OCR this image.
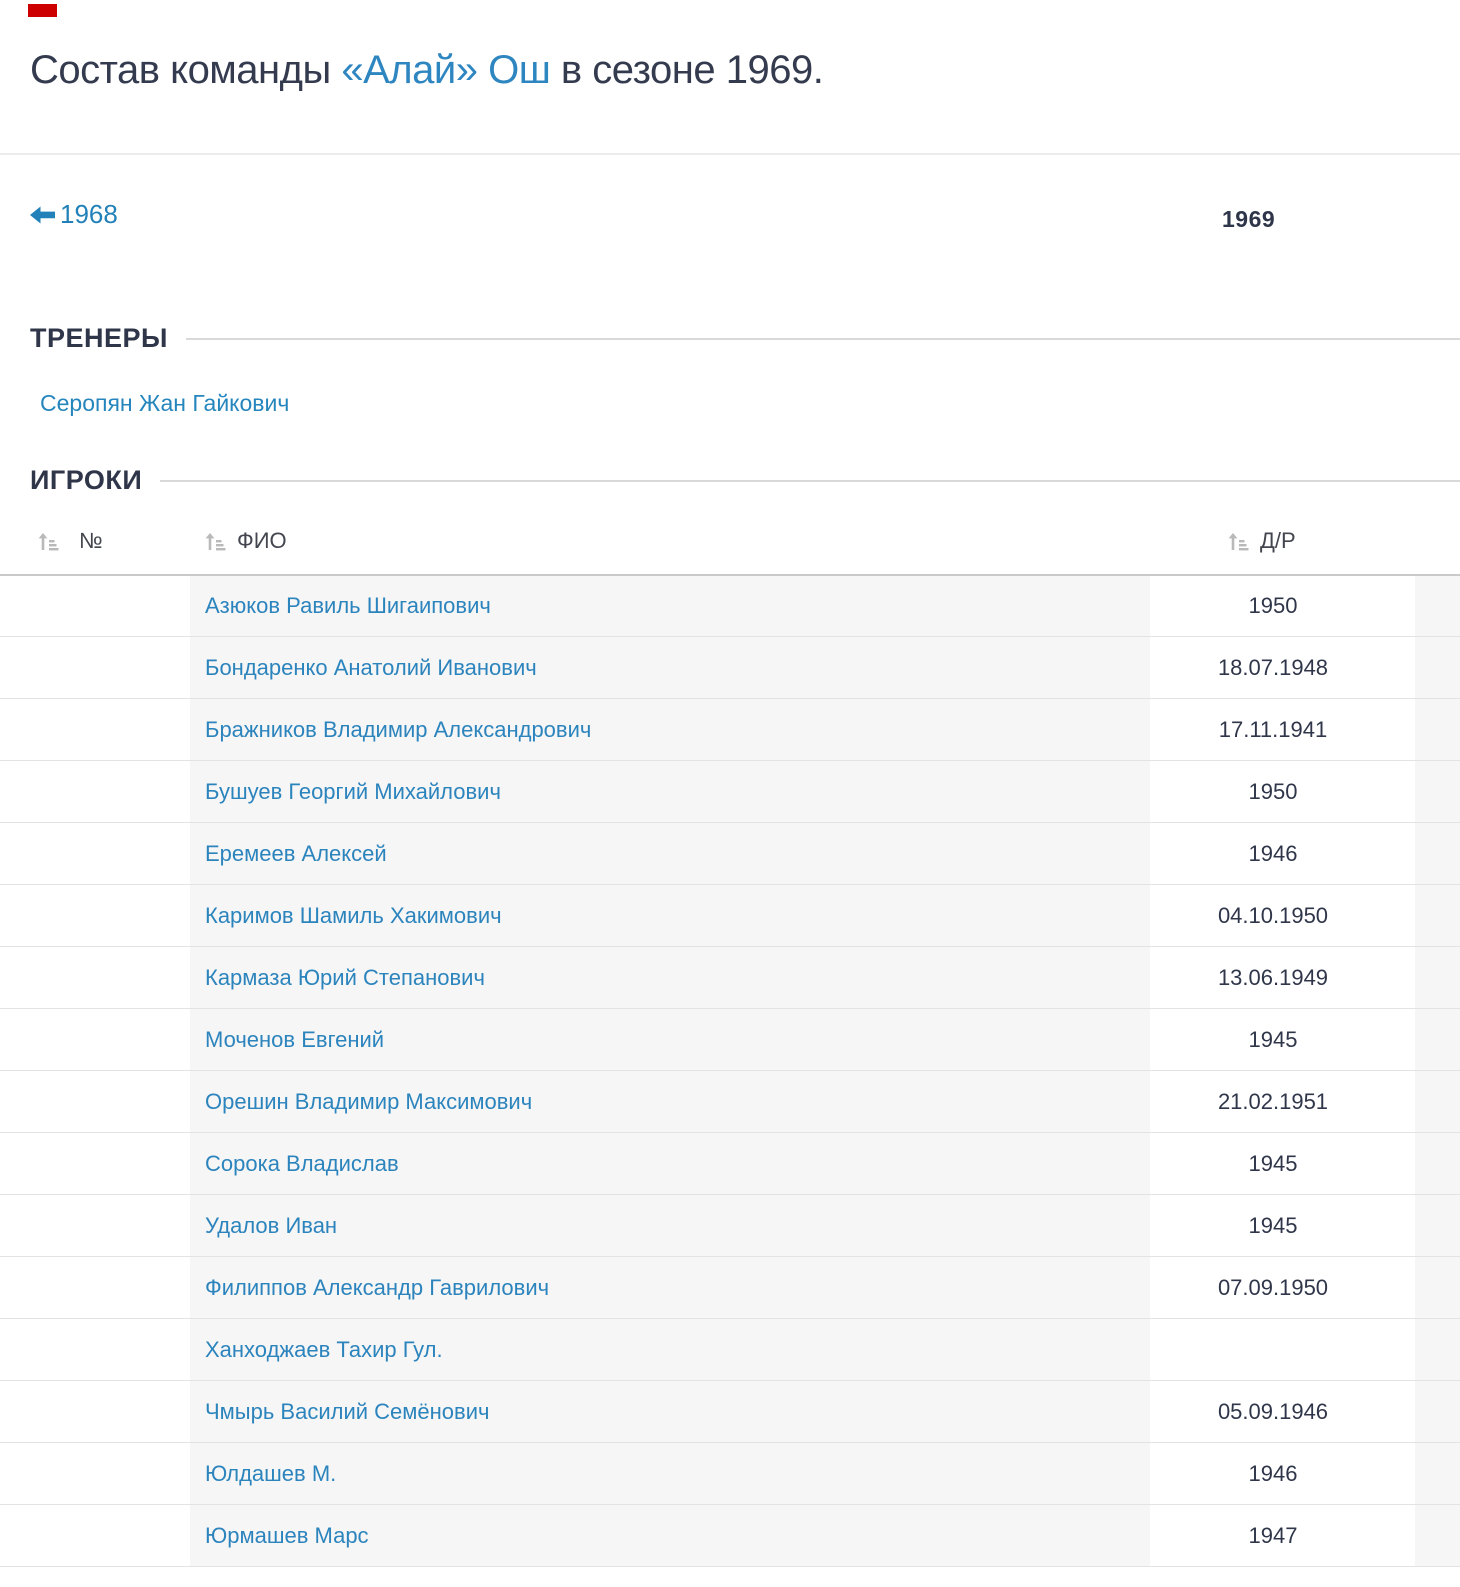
Состав команды «Алай» Ош в сезоне 1969.
1968	1969
ТРЕНЕРЫ
Серопян Жан Гайкович
ИГРОКИ
№	ФИО	Д/Р	

	Азюков Равиль Шигаипович	1950	
	Бондаренко Анатолий Иванович	18.07.1948	
	Бражников Владимир Александрович	17.11.1941	
	Бушуев Георгий Михайлович	1950	
	Еремеев Алексей	1946	
	Каримов Шамиль Хакимович	04.10.1950	
	Кармаза Юрий Степанович	13.06.1949	
	Моченов Евгений	1945	
	Орешин Владимир Максимович	21.02.1951	
	Сорока Владислав	1945	
	Удалов Иван	1945	
	Филиппов Александр Гаврилович	07.09.1950	
	Ханходжаев Тахир Гул.		
	Чмырь Василий Семёнович	05.09.1946	
	Юлдашев М.	1946	
	Юрмашев Марс	1947	
